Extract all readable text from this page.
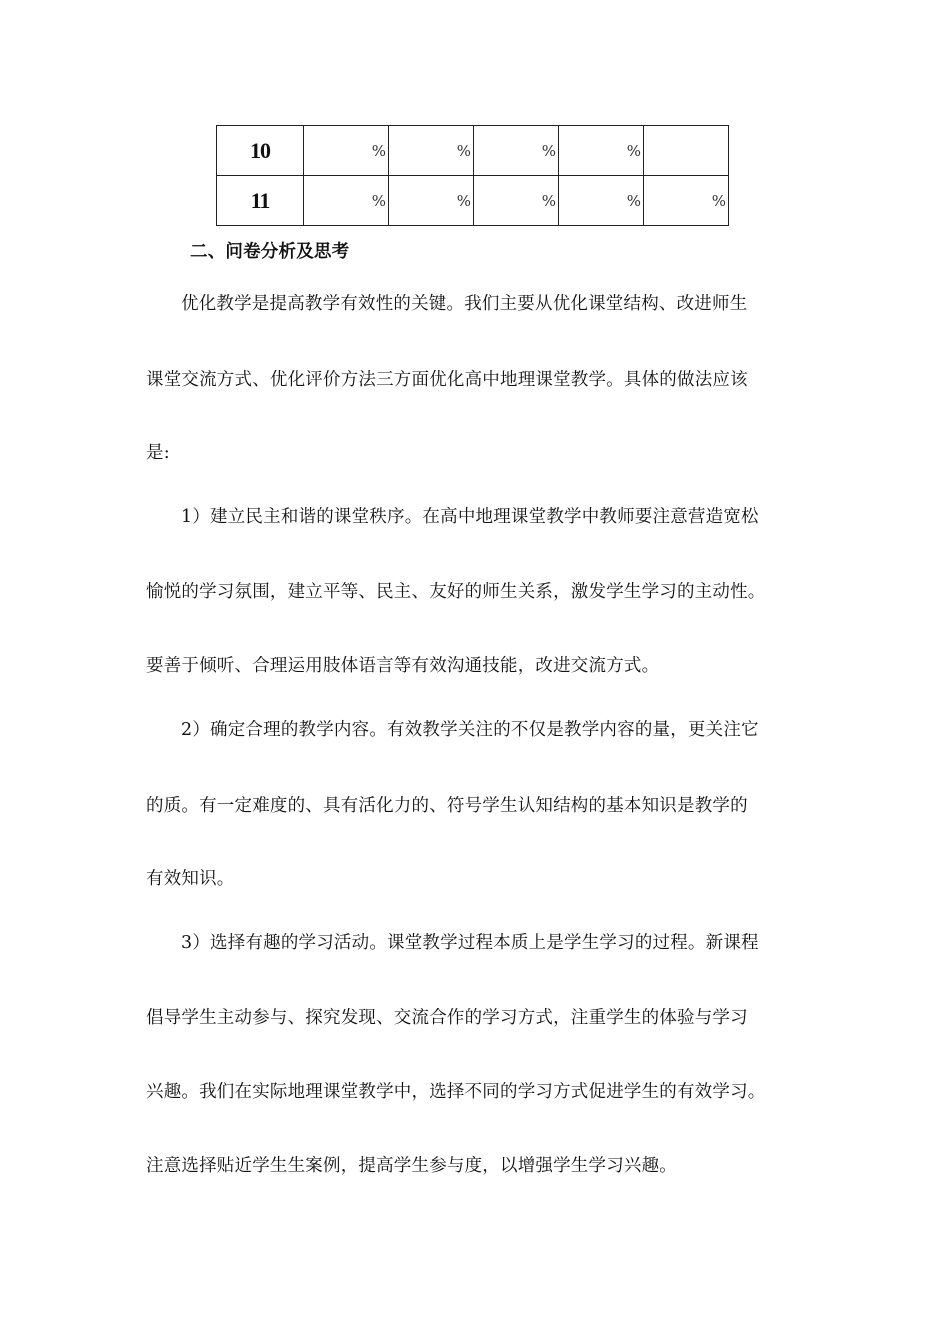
10	%	%	%	%	
11	%	%	%	%	%
二、问卷分析及思考
优化教学是提高教学有效性的关键。我们主要从优化课堂结构、改进师生
课堂交流方式、优化评价方法三方面优化高中地理课堂教学。具体的做法应该
是:
1）建立民主和谐的课堂秩序。在高中地理课堂教学中教师要注意营造宽松
愉悦的学习氛围，建立平等、民主、友好的师生关系，激发学生学习的主动性。
要善于倾听、合理运用肢体语言等有效沟通技能，改进交流方式。
2）确定合理的教学内容。有效教学关注的不仅是教学内容的量，更关注它
的质。有一定难度的、具有活化力的、符号学生认知结构的基本知识是教学的
有效知识。
3）选择有趣的学习活动。课堂教学过程本质上是学生学习的过程。新课程
倡导学生主动参与、探究发现、交流合作的学习方式，注重学生的体验与学习
兴趣。我们在实际地理课堂教学中，选择不同的学习方式促进学生的有效学习。
注意选择贴近学生生案例，提高学生参与度，以增强学生学习兴趣。
